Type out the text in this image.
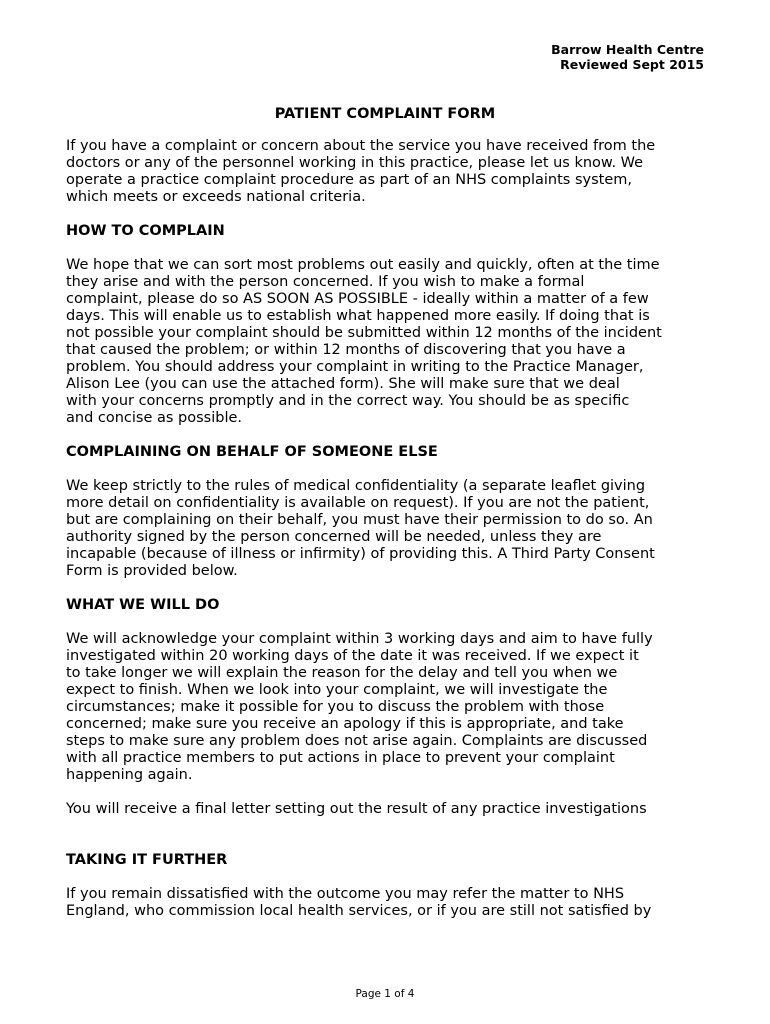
Barrow Health Centre
Reviewed Sept 2015
PATIENT COMPLAINT FORM

If you have a complaint or concern about the service you have received from the
doctors or any of the personnel working in this practice, please let us know. We
operate a practice complaint procedure as part of an NHS complaints system,
which meets or exceeds national criteria.

HOW TO COMPLAIN

We hope that we can sort most problems out easily and quickly, often at the time
they arise and with the person concerned. If you wish to make a formal
complaint, please do so AS SOON AS POSSIBLE - ideally within a matter of a few
days. This will enable us to establish what happened more easily. If doing that is
not possible your complaint should be submitted within 12 months of the incident
that caused the problem; or within 12 months of discovering that you have a
problem. You should address your complaint in writing to the Practice Manager,
Alison Lee (you can use the attached form). She will make sure that we deal
with your concerns promptly and in the correct way. You should be as specific
and concise as possible.

COMPLAINING ON BEHALF OF SOMEONE ELSE

We keep strictly to the rules of medical confidentiality (a separate leaflet giving
more detail on confidentiality is available on request). If you are not the patient,
but are complaining on their behalf, you must have their permission to do so. An
authority signed by the person concerned will be needed, unless they are
incapable (because of illness or infirmity) of providing this. A Third Party Consent
Form is provided below.

WHAT WE WILL DO

We will acknowledge your complaint within 3 working days and aim to have fully
investigated within 20 working days of the date it was received. If we expect it
to take longer we will explain the reason for the delay and tell you when we
expect to finish. When we look into your complaint, we will investigate the
circumstances; make it possible for you to discuss the problem with those
concerned; make sure you receive an apology if this is appropriate, and take
steps to make sure any problem does not arise again. Complaints are discussed
with all practice members to put actions in place to prevent your complaint
happening again.

You will receive a final letter setting out the result of any practice investigations

TAKING IT FURTHER

If you remain dissatisfied with the outcome you may refer the matter to NHS
England, who commission local health services, or if you are still not satisfied by

Page 1 of 4
